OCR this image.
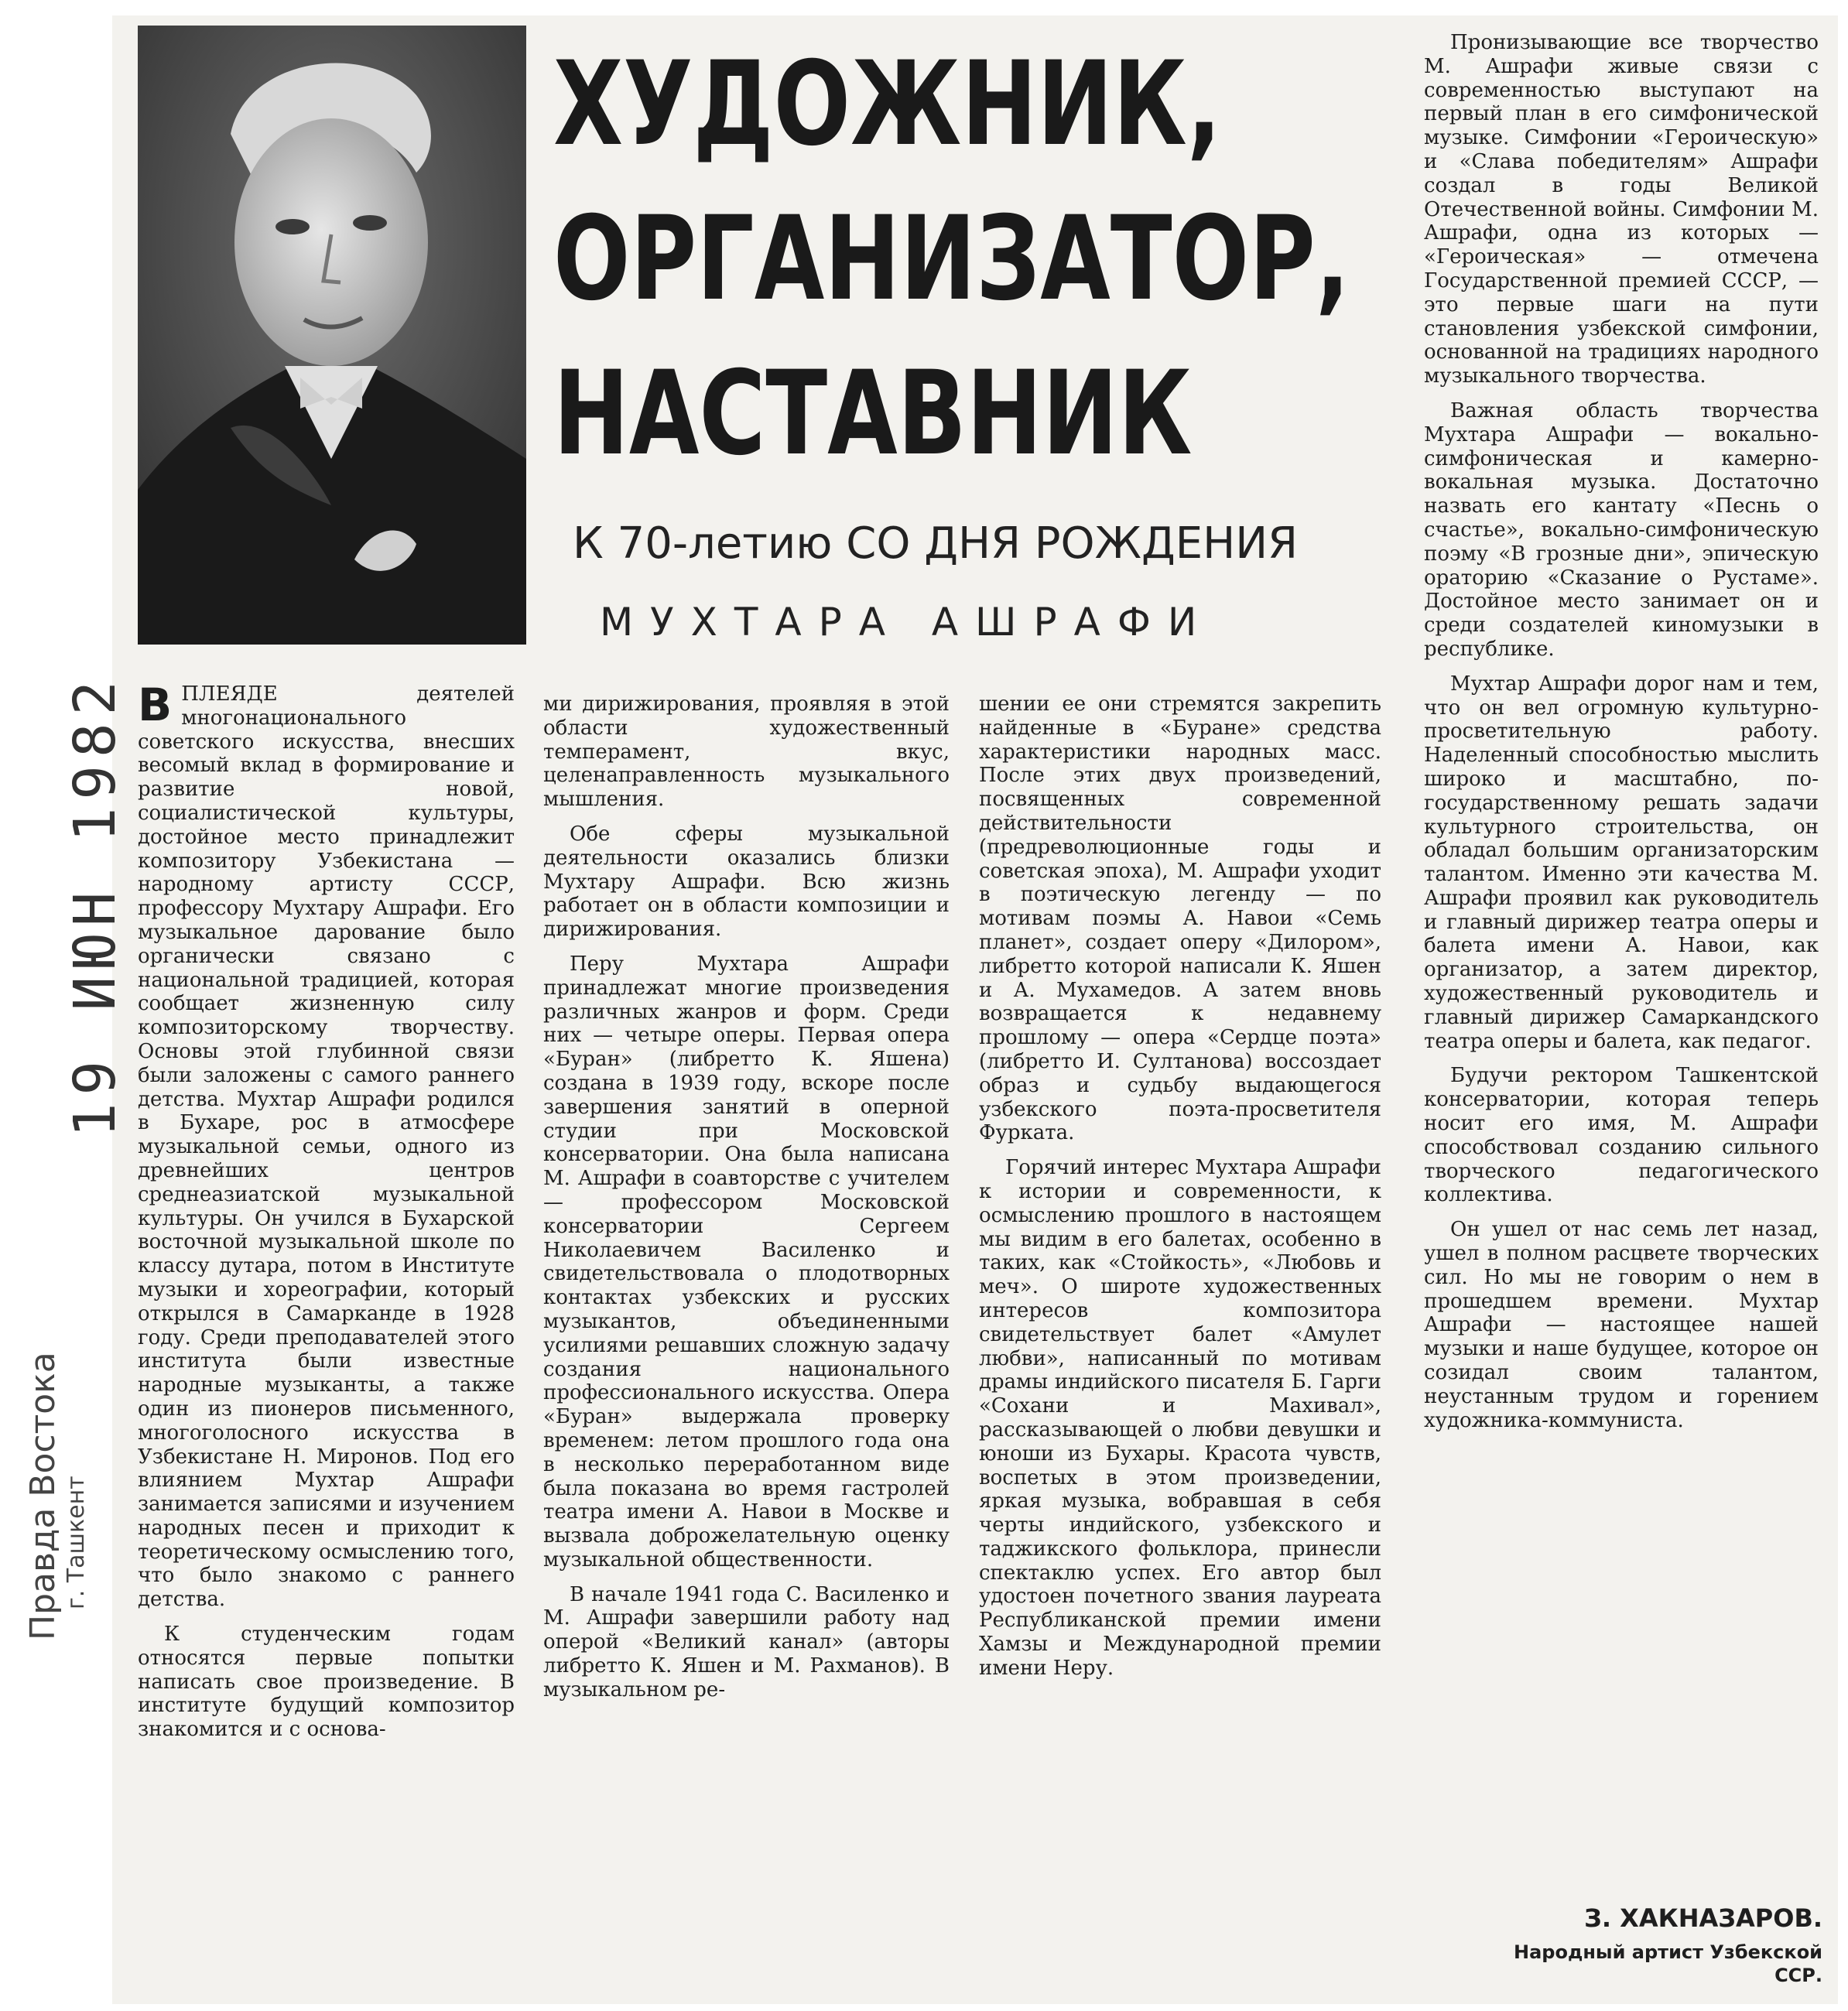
Правда Востока г. Ташкент
19 ИЮН 1982
ХУДОЖНИК,
ОРГАНИЗАТОР,
НАСТАВНИК
К 70-летию СО ДНЯ РОЖДЕНИЯ
МУХТАРА АШРАФИ

ВПЛЕЯДЕ деятелей многонационального советского искусства, внесших весомый вклад в формирование и развитие новой, социалистической культуры, достойное место принадлежит композитору Узбекистана — народному артисту СССР, профессору Мухтару Ашрафи. Его музыкальное дарование было органически связано с национальной традицией, которая сообщает жизненную силу композиторскому творчеству. Основы этой глубинной связи были заложены с самого раннего детства. Мухтар Ашрафи родился в Бухаре, рос в атмосфере музыкальной семьи, одного из древнейших центров среднеазиатской музыкальной культуры. Он учился в Бухарской восточной музыкальной школе по классу дутара, потом в Институте музыки и хореографии, который открылся в Самарканде в 1928 году. Среди преподавателей этого института были известные народные музыканты, а также один из пионеров письменного, многоголосного искусства в Узбекистане Н. Миронов. Под его влиянием Мухтар Ашрафи занимается записями и изучением народных песен и приходит к теоретическому осмыслению того, что было знакомо с раннего детства.

К студенческим годам относятся первые попытки написать свое произведение. В институте будущий композитор знакомится и с основа-

ми дирижирования, проявляя в этой области художественный темперамент, вкус, целенаправленность музыкального мышления.

Обе сферы музыкальной деятельности оказались близки Мухтару Ашрафи. Всю жизнь работает он в области композиции и дирижирования.

Перу Мухтара Ашрафи принадлежат многие произведения различных жанров и форм. Среди них — четыре оперы. Первая опера «Буран» (либретто К. Яшена) создана в 1939 году, вскоре после завершения занятий в оперной студии при Московской консерватории. Она была написана М. Ашрафи в соавторстве с учителем — профессором Московской консерватории Сергеем Николаевичем Василенко и свидетельствовала о плодотворных контактах узбекских и русских музыкантов, объединенными усилиями решавших сложную задачу создания национального профессионального искусства. Опера «Буран» выдержала проверку временем: летом прошлого года она в несколько переработанном виде была показана во время гастролей театра имени А. Навои в Москве и вызвала доброжелательную оценку музыкальной общественности.

В начале 1941 года С. Василенко и М. Ашрафи завершили работу над оперой «Великий канал» (авторы либретто К. Яшен и М. Рахманов). В музыкальном ре-

шении ее они стремятся закрепить найденные в «Буране» средства характеристики народных масс. После этих двух произведений, посвященных современной действительности (предреволюционные годы и советская эпоха), М. Ашрафи уходит в поэтическую легенду — по мотивам поэмы А. Навои «Семь планет», создает оперу «Дилором», либретто которой написали К. Яшен и А. Мухамедов. А затем вновь возвращается к недавнему прошлому — опера «Сердце поэта» (либретто И. Султанова) воссоздает образ и судьбу выдающегося узбекского поэта-просветителя Фурката.

Горячий интерес Мухтара Ашрафи к истории и современности, к осмыслению прошлого в настоящем мы видим в его балетах, особенно в таких, как «Стойкость», «Любовь и меч». О широте художественных интересов композитора свидетельствует балет «Амулет любви», написанный по мотивам драмы индийского писателя Б. Гарги «Сохани и Махивал», рассказывающей о любви девушки и юноши из Бухары. Красота чувств, воспетых в этом произведении, яркая музыка, вобравшая в себя черты индийского, узбекского и таджикского фольклора, принесли спектаклю успех. Его автор был удостоен почетного звания лауреата Республиканской премии имени Хамзы и Международной премии имени Неру.

Пронизывающие все творчество М. Ашрафи живые связи с современностью выступают на первый план в его симфонической музыке. Симфонии «Героическую» и «Слава победителям» Ашрафи создал в годы Великой Отечественной войны. Симфонии М. Ашрафи, одна из которых — «Героическая» — отмечена Государственной премией СССР, — это первые шаги на пути становления узбекской симфонии, основанной на традициях народного музыкального творчества.

Важная область творчества Мухтара Ашрафи — вокально-симфоническая и камерно-вокальная музыка. Достаточно назвать его кантату «Песнь о счастье», вокально-симфоническую поэму «В грозные дни», эпическую ораторию «Сказание о Рустаме». Достойное место занимает он и среди создателей киномузыки в республике.

Мухтар Ашрафи дорог нам и тем, что он вел огромную культурно-просветительную работу. Наделенный способностью мыслить широко и масштабно, по-государственному решать задачи культурного строительства, он обладал большим организаторским талантом. Именно эти качества М. Ашрафи проявил как руководитель и главный дирижер театра оперы и балета имени А. Навои, как организатор, а затем директор, художественный руководитель и главный дирижер Самаркандского театра оперы и балета, как педагог.

Будучи ректором Ташкентской консерватории, которая теперь носит его имя, М. Ашрафи способствовал созданию сильного творческого педагогического коллектива.

Он ушел от нас семь лет назад, ушел в полном расцвете творческих сил. Но мы не говорим о нем в прошедшем времени. Мухтар Ашрафи — настоящее нашей музыки и наше будущее, которое он созидал своим талантом, неустанным трудом и горением художника-коммуниста.

З. ХАКНАЗАРОВ.
Народный артист Узбекской ССР.
